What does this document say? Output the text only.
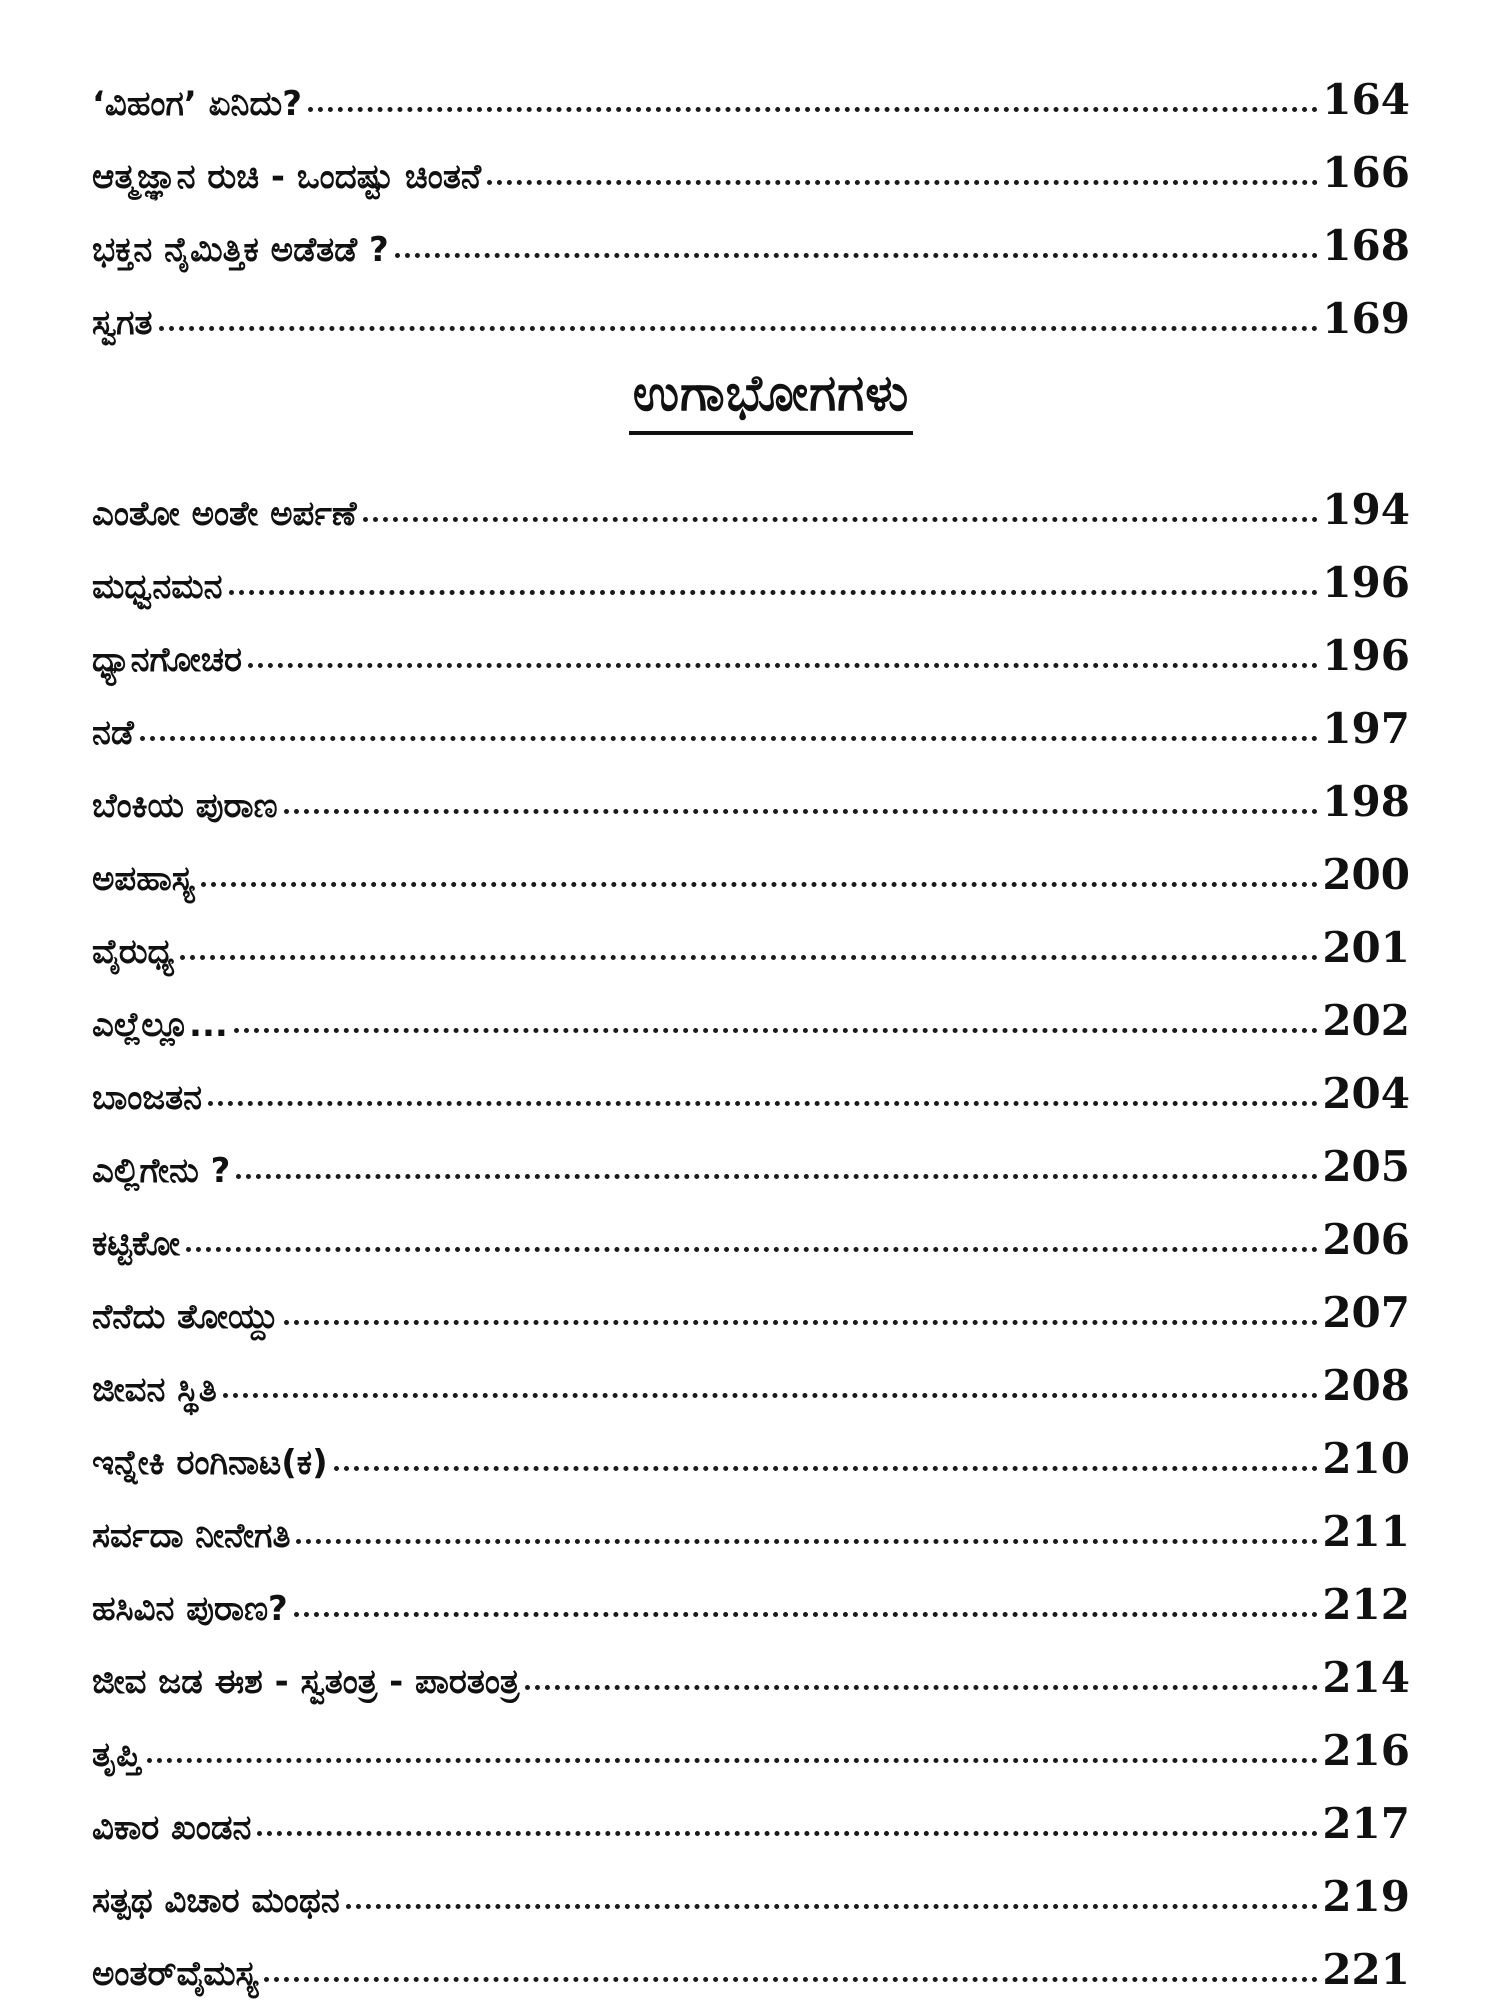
‘ವಿಹಂಗ’ ಏನಿದು?	164
ಆತ್ಮಜ್ಞಾನ ರುಚಿ - ಒಂದಷ್ಟು ಚಿಂತನೆ	166
ಭಕ್ತನ ನೈಮಿತ್ತಿಕ ಅಡೆತಡೆ ?	168
ಸ್ವಗತ	169
ಉಗಾಭೋಗಗಳು
ಎಂತೋ ಅಂತೇ ಅರ್ಪಣೆ	194
ಮಧ್ವನಮನ	196
ಧ್ಯಾನಗೋಚರ	196
ನಡೆ	197
ಬೆಂಕಿಯ ಪುರಾಣ	198
ಅಪಹಾಸ್ಯ	200
ವೈರುಧ್ಯ	201
ಎಲ್ಲೆಲ್ಲೂ...	202
ಬಾಂಜತನ	204
ಎಲ್ಲಿಗೇನು ?	205
ಕಟ್ಟಿಕೋ	206
ನೆನೆದು ತೋಯ್ದು	207
ಜೀವನ ಸ್ಥಿತಿ	208
ಇನ್ನೇಕಿ ರಂಗಿನಾಟ(ಕ)	210
ಸರ್ವದಾ ನೀನೇಗತಿ	211
ಹಸಿವಿನ ಪುರಾಣ?	212
ಜೀವ ಜಡ ಈಶ - ಸ್ವತಂತ್ರ - ಪಾರತಂತ್ರ	214
ತೃಪ್ತಿ	216
ವಿಕಾರ ಖಂಡನ	217
ಸತ್ಪಥ ವಿಚಾರ ಮಂಥನ	219
ಅಂತರ್‌ವೈಮಸ್ಯ	221
